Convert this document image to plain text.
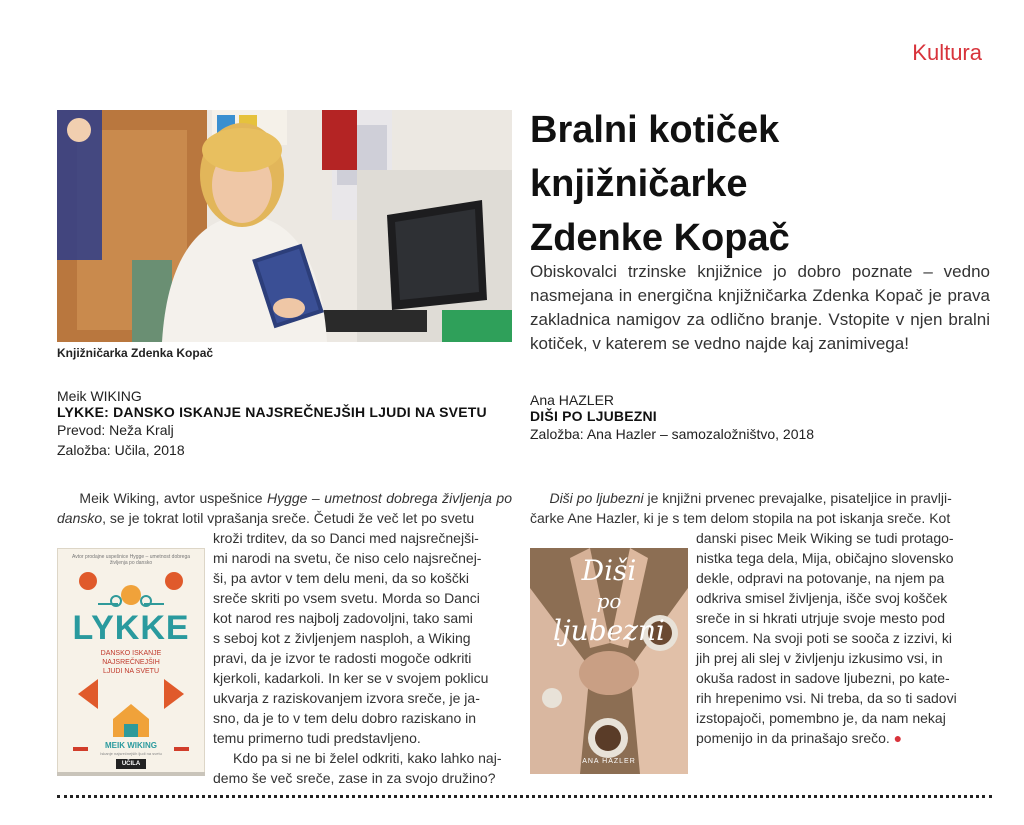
Kultura
Knjižničarka Zdenka Kopač
Bralni kotiček
knjižničarke
Zdenke Kopač
Obiskovalci trzinske knjižnice jo dobro poznate – vedno nasmejana in energična knjižničarka Zdenka Kopač je prava zakladnica namigov za odlično branje. Vstopite v njen bralni kotiček, v katerem se vedno najde kaj zanimivega!
Meik WIKING
LYKKE: DANSKO ISKANJE NAJSREČNEJŠIH LJUDI NA SVETU
Prevod: Neža Kralj
Založba: Učila, 2018
Ana HAZLER
DIŠI PO LJUBEZNI
Založba: Ana Hazler – samozaložništvo, 2018
Meik Wiking, avtor uspešnice Hygge – umetnost dobrega življenja po dansko, se je tokrat lotil vprašanja sreče. Četudi že več let po svetu
Avtor prodajne uspešnice Hygge – umetnost dobrega življenja po dansko
LYKKE
DANSKO ISKANJE NAJSREČNEJŠIH LJUDI NA SVETU
MEIK WIKING
Iskanje najsrečnejših ljudi na svetu
UČILA
kroži trditev, da so Danci med najsrečnejši-
mi narodi na svetu, če niso celo najsrečnej-
ši, pa avtor v tem delu meni, da so koščki
sreče skriti po vsem svetu. Morda so Danci
kot narod res najbolj zadovoljni, tako sami
s seboj kot z življenjem nasploh, a Wiking
pravi, da je izvor te radosti mogoče odkriti
kjerkoli, kadarkoli. In ker se v svojem poklicu
ukvarja z raziskovanjem izvora sreče, je ja-
sno, da je to v tem delu dobro raziskano in
temu primerno tudi predstavljeno.
Kdo pa si ne bi želel odkriti, kako lahko naj-
demo še več sreče, zase in za svojo družino?
Diši po ljubezni je knjižni prvenec prevajalke, pisateljice in pravlji-
čarke Ane Hazler, ki je s tem delom stopila na pot iskanja sreče. Kot
Diši
po
ljubezni
ANA HAZLER
danski pisec Meik Wiking se tudi protago-
nistka tega dela, Mija, običajno slovensko
dekle, odpravi na potovanje, na njem pa
odkriva smisel življenja, išče svoj košček
sreče in si hkrati utrjuje svoje mesto pod
soncem. Na svoji poti se sooča z izzivi, ki
jih prej ali slej v življenju izkusimo vsi, in
okuša radost in sadove ljubezni, po kate-
rih hrepenimo vsi. Ni treba, da so ti sadovi
izstopajoči, pomembno je, da nam nekaj
pomenijo in da prinašajo srečo. ●
